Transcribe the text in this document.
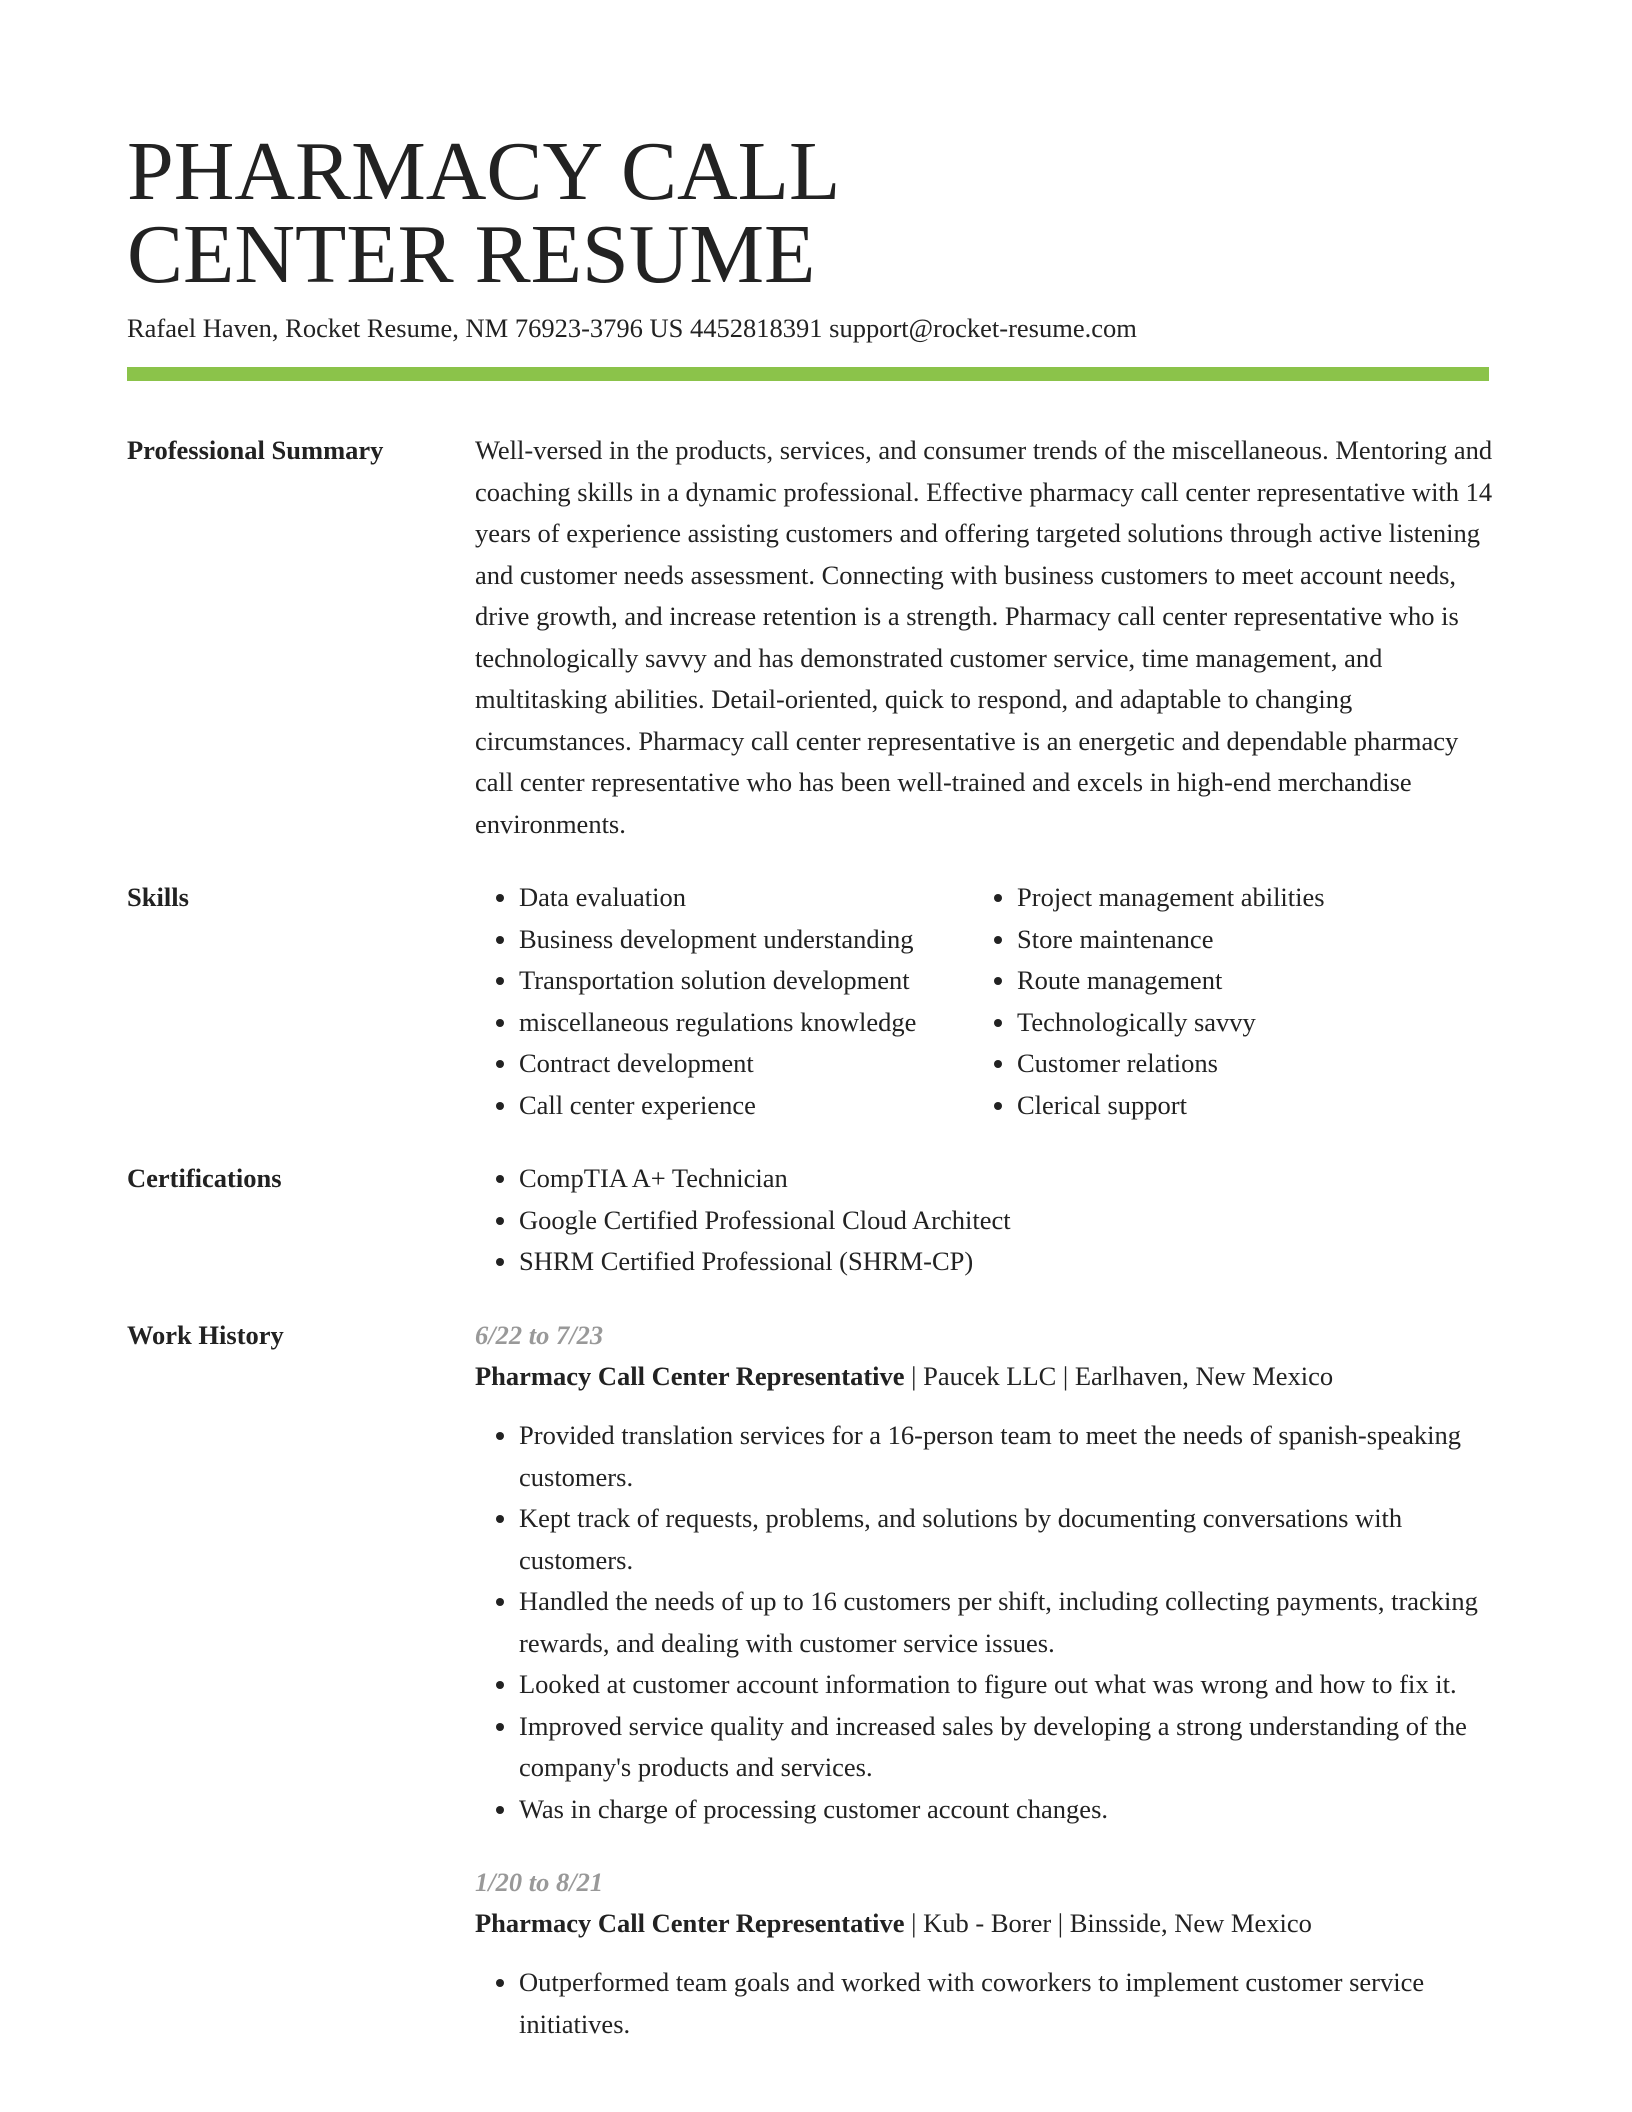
PHARMACY CALL CENTER RESUME
Rafael Haven, Rocket Resume, NM 76923-3796 US 4452818391 support@rocket-resume.com
Professional Summary	Well-versed in the products, services, and consumer trends of the miscellaneous. Mentoring and coaching skills in a dynamic professional. Effective pharmacy call center representative with 14 years of experience assisting customers and offering targeted solutions through active listening and customer needs assessment. Connecting with business customers to meet account needs, drive growth, and increase retention is a strength. Pharmacy call center representative who is technologically savvy and has demonstrated customer service, time management, and multitasking abilities. Detail-oriented, quick to respond, and adaptable to changing circumstances. Pharmacy call center representative is an energetic and dependable pharmacy call center representative who has been well-trained and excels in high-end merchandise environments.

Skills	• Data evaluation
• Business development understanding
• Transportation solution development
• miscellaneous regulations knowledge
• Contract development
• Call center experience
• Project management abilities
• Store maintenance
• Route management
• Technologically savvy
• Customer relations
• Clerical support
Certifications	• CompTIA A+ Technician
• Google Certified Professional Cloud Architect
• SHRM Certified Professional (SHRM-CP)
Work History	6/22 to 7/23
Pharmacy Call Center Representative | Paucek LLC | Earlhaven, New Mexico
• Provided translation services for a 16-person team to meet the needs of spanish-speaking customers.
• Kept track of requests, problems, and solutions by documenting conversations with customers.
• Handled the needs of up to 16 customers per shift, including collecting payments, tracking rewards, and dealing with customer service issues.
• Looked at customer account information to figure out what was wrong and how to fix it.
• Improved service quality and increased sales by developing a strong understanding of the company's products and services.
• Was in charge of processing customer account changes.
1/20 to 8/21
Pharmacy Call Center Representative | Kub - Borer | Binsside, New Mexico
• Outperformed team goals and worked with coworkers to implement customer service initiatives.
